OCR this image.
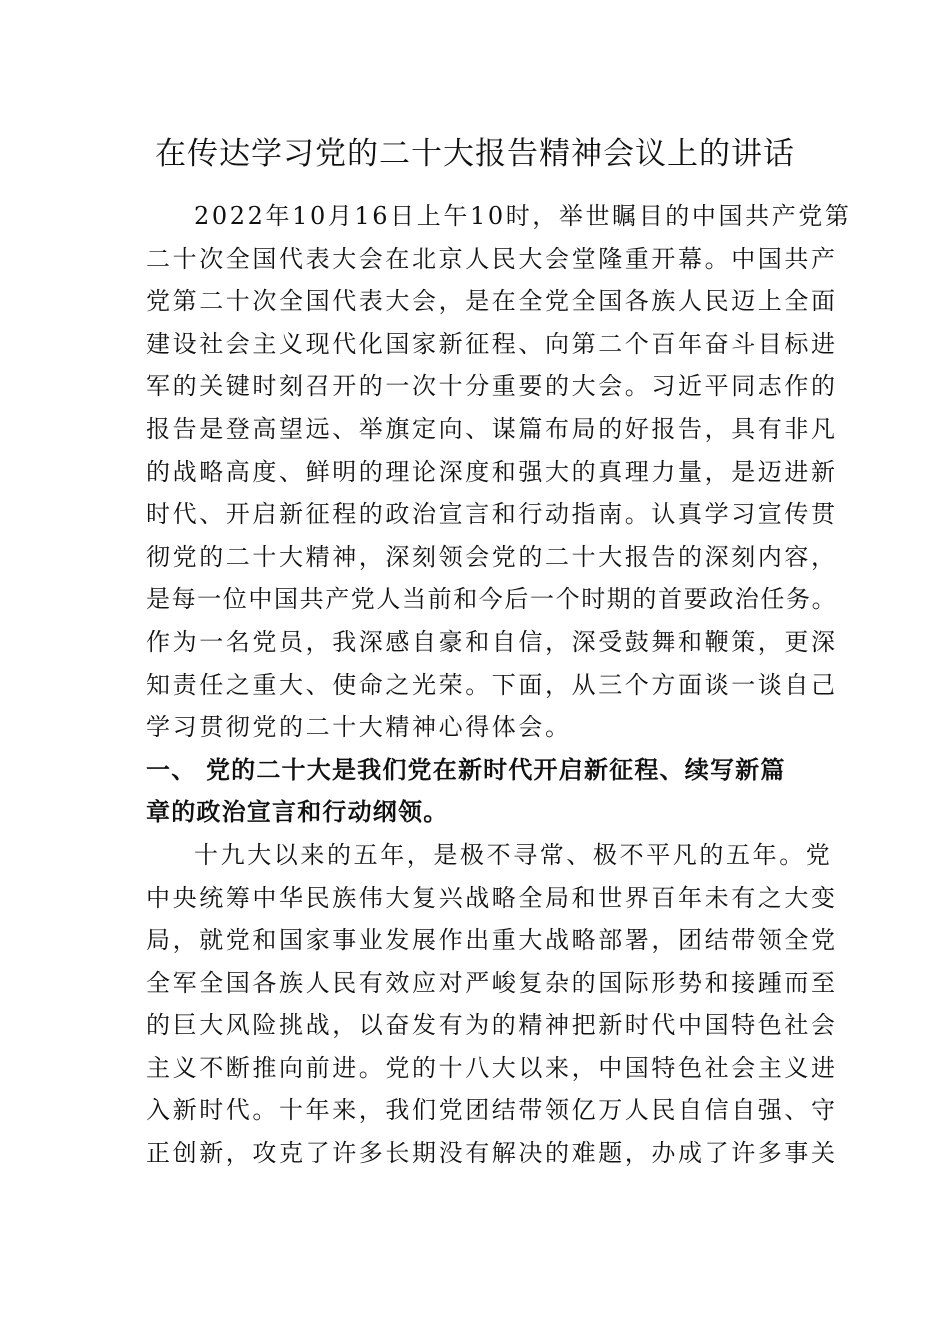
在传达学习党的二十大报告精神会议上的讲话
2022年10月16日上午10时，举世瞩目的中国共产党第
二十次全国代表大会在北京人民大会堂隆重开幕。中国共产
党第二十次全国代表大会，是在全党全国各族人民迈上全面
建设社会主义现代化国家新征程、向第二个百年奋斗目标进
军的关键时刻召开的一次十分重要的大会。习近平同志作的
报告是登高望远、举旗定向、谋篇布局的好报告，具有非凡
的战略高度、鲜明的理论深度和强大的真理力量，是迈进新
时代、开启新征程的政治宣言和行动指南。认真学习宣传贯
彻党的二十大精神，深刻领会党的二十大报告的深刻内容，
是每一位中国共产党人当前和今后一个时期的首要政治任务。
作为一名党员，我深感自豪和自信，深受鼓舞和鞭策，更深
知责任之重大、使命之光荣。下面，从三个方面谈一谈自己
学习贯彻党的二十大精神心得体会。
一、 党的二十大是我们党在新时代开启新征程、续写新篇
章的政治宣言和行动纲领。
十九大以来的五年，是极不寻常、极不平凡的五年。党
中央统筹中华民族伟大复兴战略全局和世界百年未有之大变
局，就党和国家事业发展作出重大战略部署，团结带领全党
全军全国各族人民有效应对严峻复杂的国际形势和接踵而至
的巨大风险挑战，以奋发有为的精神把新时代中国特色社会
主义不断推向前进。党的十八大以来，中国特色社会主义进
入新时代。十年来，我们党团结带领亿万人民自信自强、守
正创新，攻克了许多长期没有解决的难题，办成了许多事关
